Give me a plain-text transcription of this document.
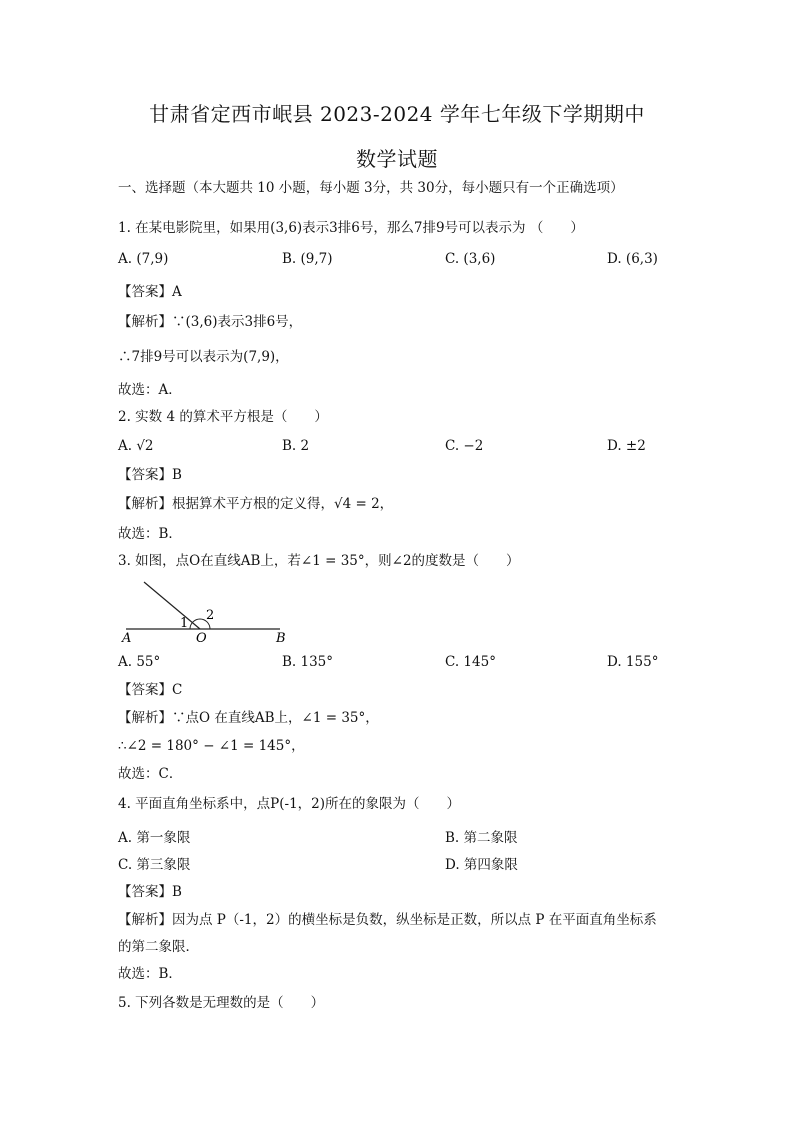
甘肃省定西市岷县 2023-2024 学年七年级下学期期中
数学试题
一、选择题（本大题共 10 小题，每小题 3分，共 30分，每小题只有一个正确选项）
1. 在某电影院里，如果用(3,6)表示3排6号，那么7排9号可以表示为 （　　）
A. (7,9)	B. (9,7)	C. (3,6)	D. (6,3)
【答案】A
【解析】∵(3,6)表示3排6号，
∴7排9号可以表示为(7,9)，
故选：A．
2. 实数 4 的算术平方根是（　　）
A. √2	B. 2	C. −2	D. ±2
【答案】B
【解析】根据算术平方根的定义得，√4 = 2，
故选：B．
3. 如图，点O在直线AB上，若∠1 = 35°，则∠2的度数是（　　）
1
2
O
A	B
A. 55°	B. 135°	C. 145°	D. 155°
【答案】C
【解析】∵点O 在直线AB上，∠1 = 35°，
∴∠2 = 180° − ∠1 = 145°，
故选：C．
4. 平面直角坐标系中，点P(-1，2)所在的象限为（　　）
A. 第一象限	B. 第二象限
C. 第三象限	D. 第四象限
【答案】B
【解析】因为点 P（-1，2）的横坐标是负数，纵坐标是正数，所以点 P 在平面直角坐标系
的第二象限．
故选：B．
5. 下列各数是无理数的是（　　）
